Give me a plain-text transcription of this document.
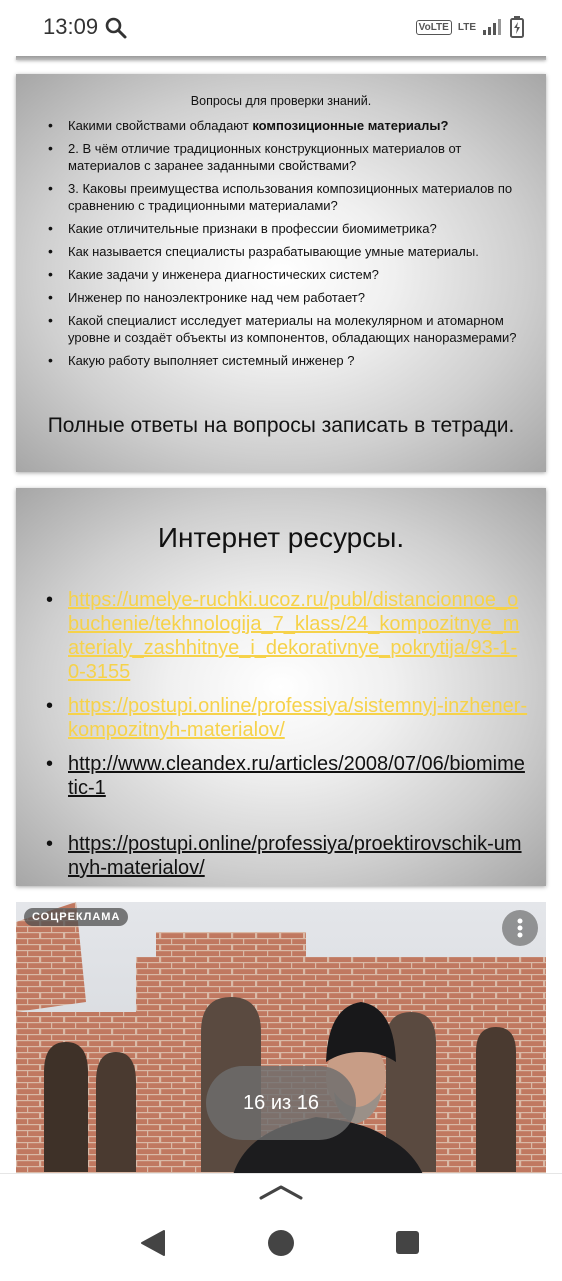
13:09	VoLTE LTE
Вопросы для проверки знаний.
• Какими свойствами обладают композиционные материалы?
• 2. В чём отличие традиционных конструкционных материалов от материалов с заранее заданными свойствами?
• 3. Каковы преимущества использования композиционных материалов по сравнению с традиционными материалами?
• Какие отличительные признаки в профессии биомиметрика?
• Как называется специалисты разрабатывающие умные материалы.
• Какие задачи у инженера диагностических систем?
• Инженер по наноэлектронике над чем работает?
• Какой специалист исследует материалы на молекулярном и атомарном уровне и создаёт объекты из компонентов, обладающих наноразмерами?
• Какую работу выполняет системный инженер ?
Полные ответы на вопросы записать в тетради.
Интернет ресурсы.
• https://umelye-ruchki.ucoz.ru/publ/distancionnoe_obuchenie/tekhnologija_7_klass/24_kompozitnye_materialy_zashhitnye_i_dekorativnye_pokrytija/93-1-0-3155
• https://postupi.online/professiya/sistemnyj-inzhener-kompozitnyh-materialov/
• http://www.cleandex.ru/articles/2008/07/06/biomimetic-1
• https://postupi.online/professiya/proektirovschik-umnyh-materialov/
СОЦРЕКЛАМА
16 из 16
